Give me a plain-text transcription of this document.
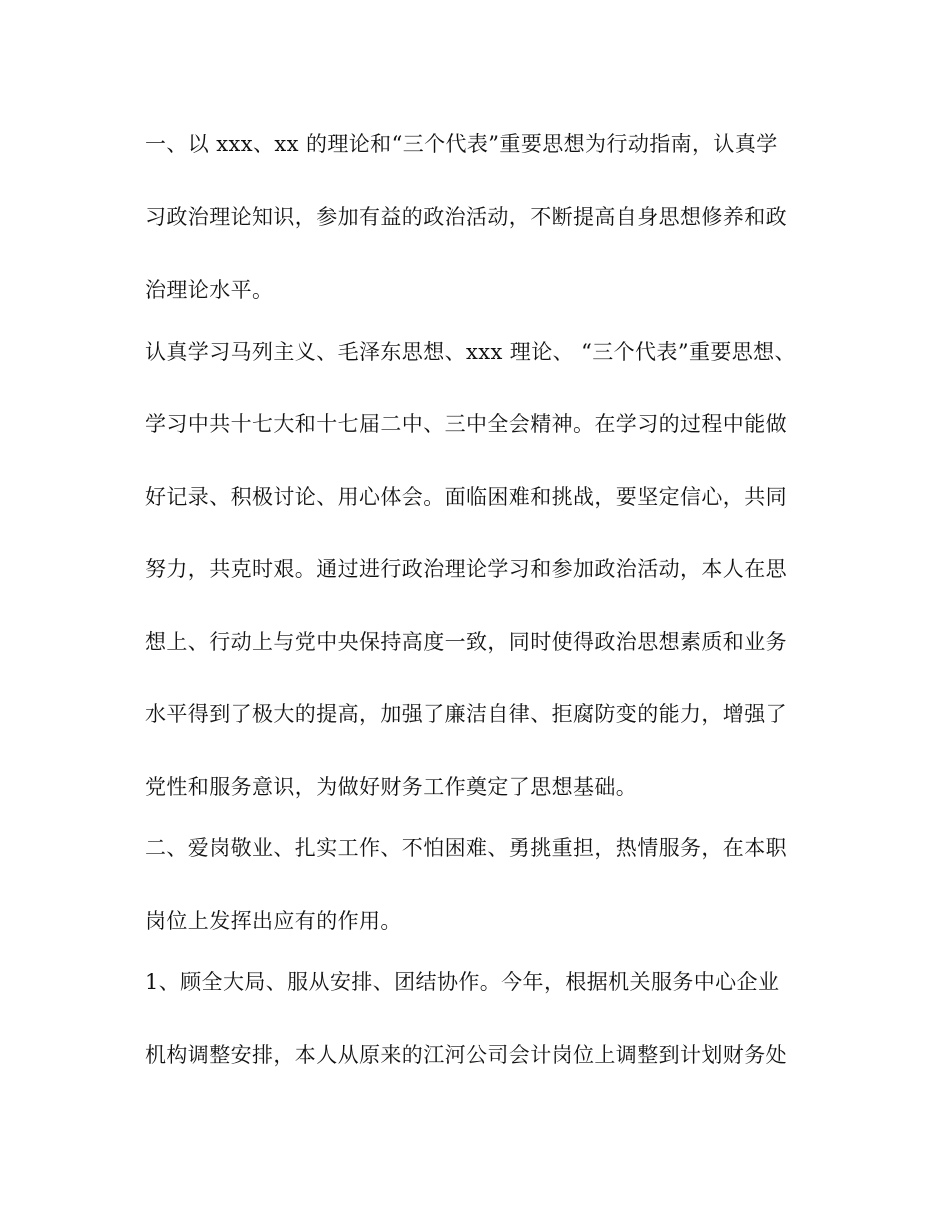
一、以 xxx、xx 的理论和“三个代表”重要思想为行动指南，认真学

习政治理论知识，参加有益的政治活动，不断提高自身思想修养和政

治理论水平。

认真学习马列主义、毛泽东思想、xxx 理论、 “三个代表”重要思想、

学习中共十七大和十七届二中、三中全会精神。在学习的过程中能做

好记录、积极讨论、用心体会。面临困难和挑战，要坚定信心，共同

努力，共克时艰。通过进行政治理论学习和参加政治活动，本人在思

想上、行动上与党中央保持高度一致，同时使得政治思想素质和业务

水平得到了极大的提高，加强了廉洁自律、拒腐防变的能力，增强了

党性和服务意识，为做好财务工作奠定了思想基础。

二、爱岗敬业、扎实工作、不怕困难、勇挑重担，热情服务，在本职

岗位上发挥出应有的作用。

1、顾全大局、服从安排、团结协作。今年，根据机关服务中心企业

机构调整安排，本人从原来的江河公司会计岗位上调整到计划财务处
